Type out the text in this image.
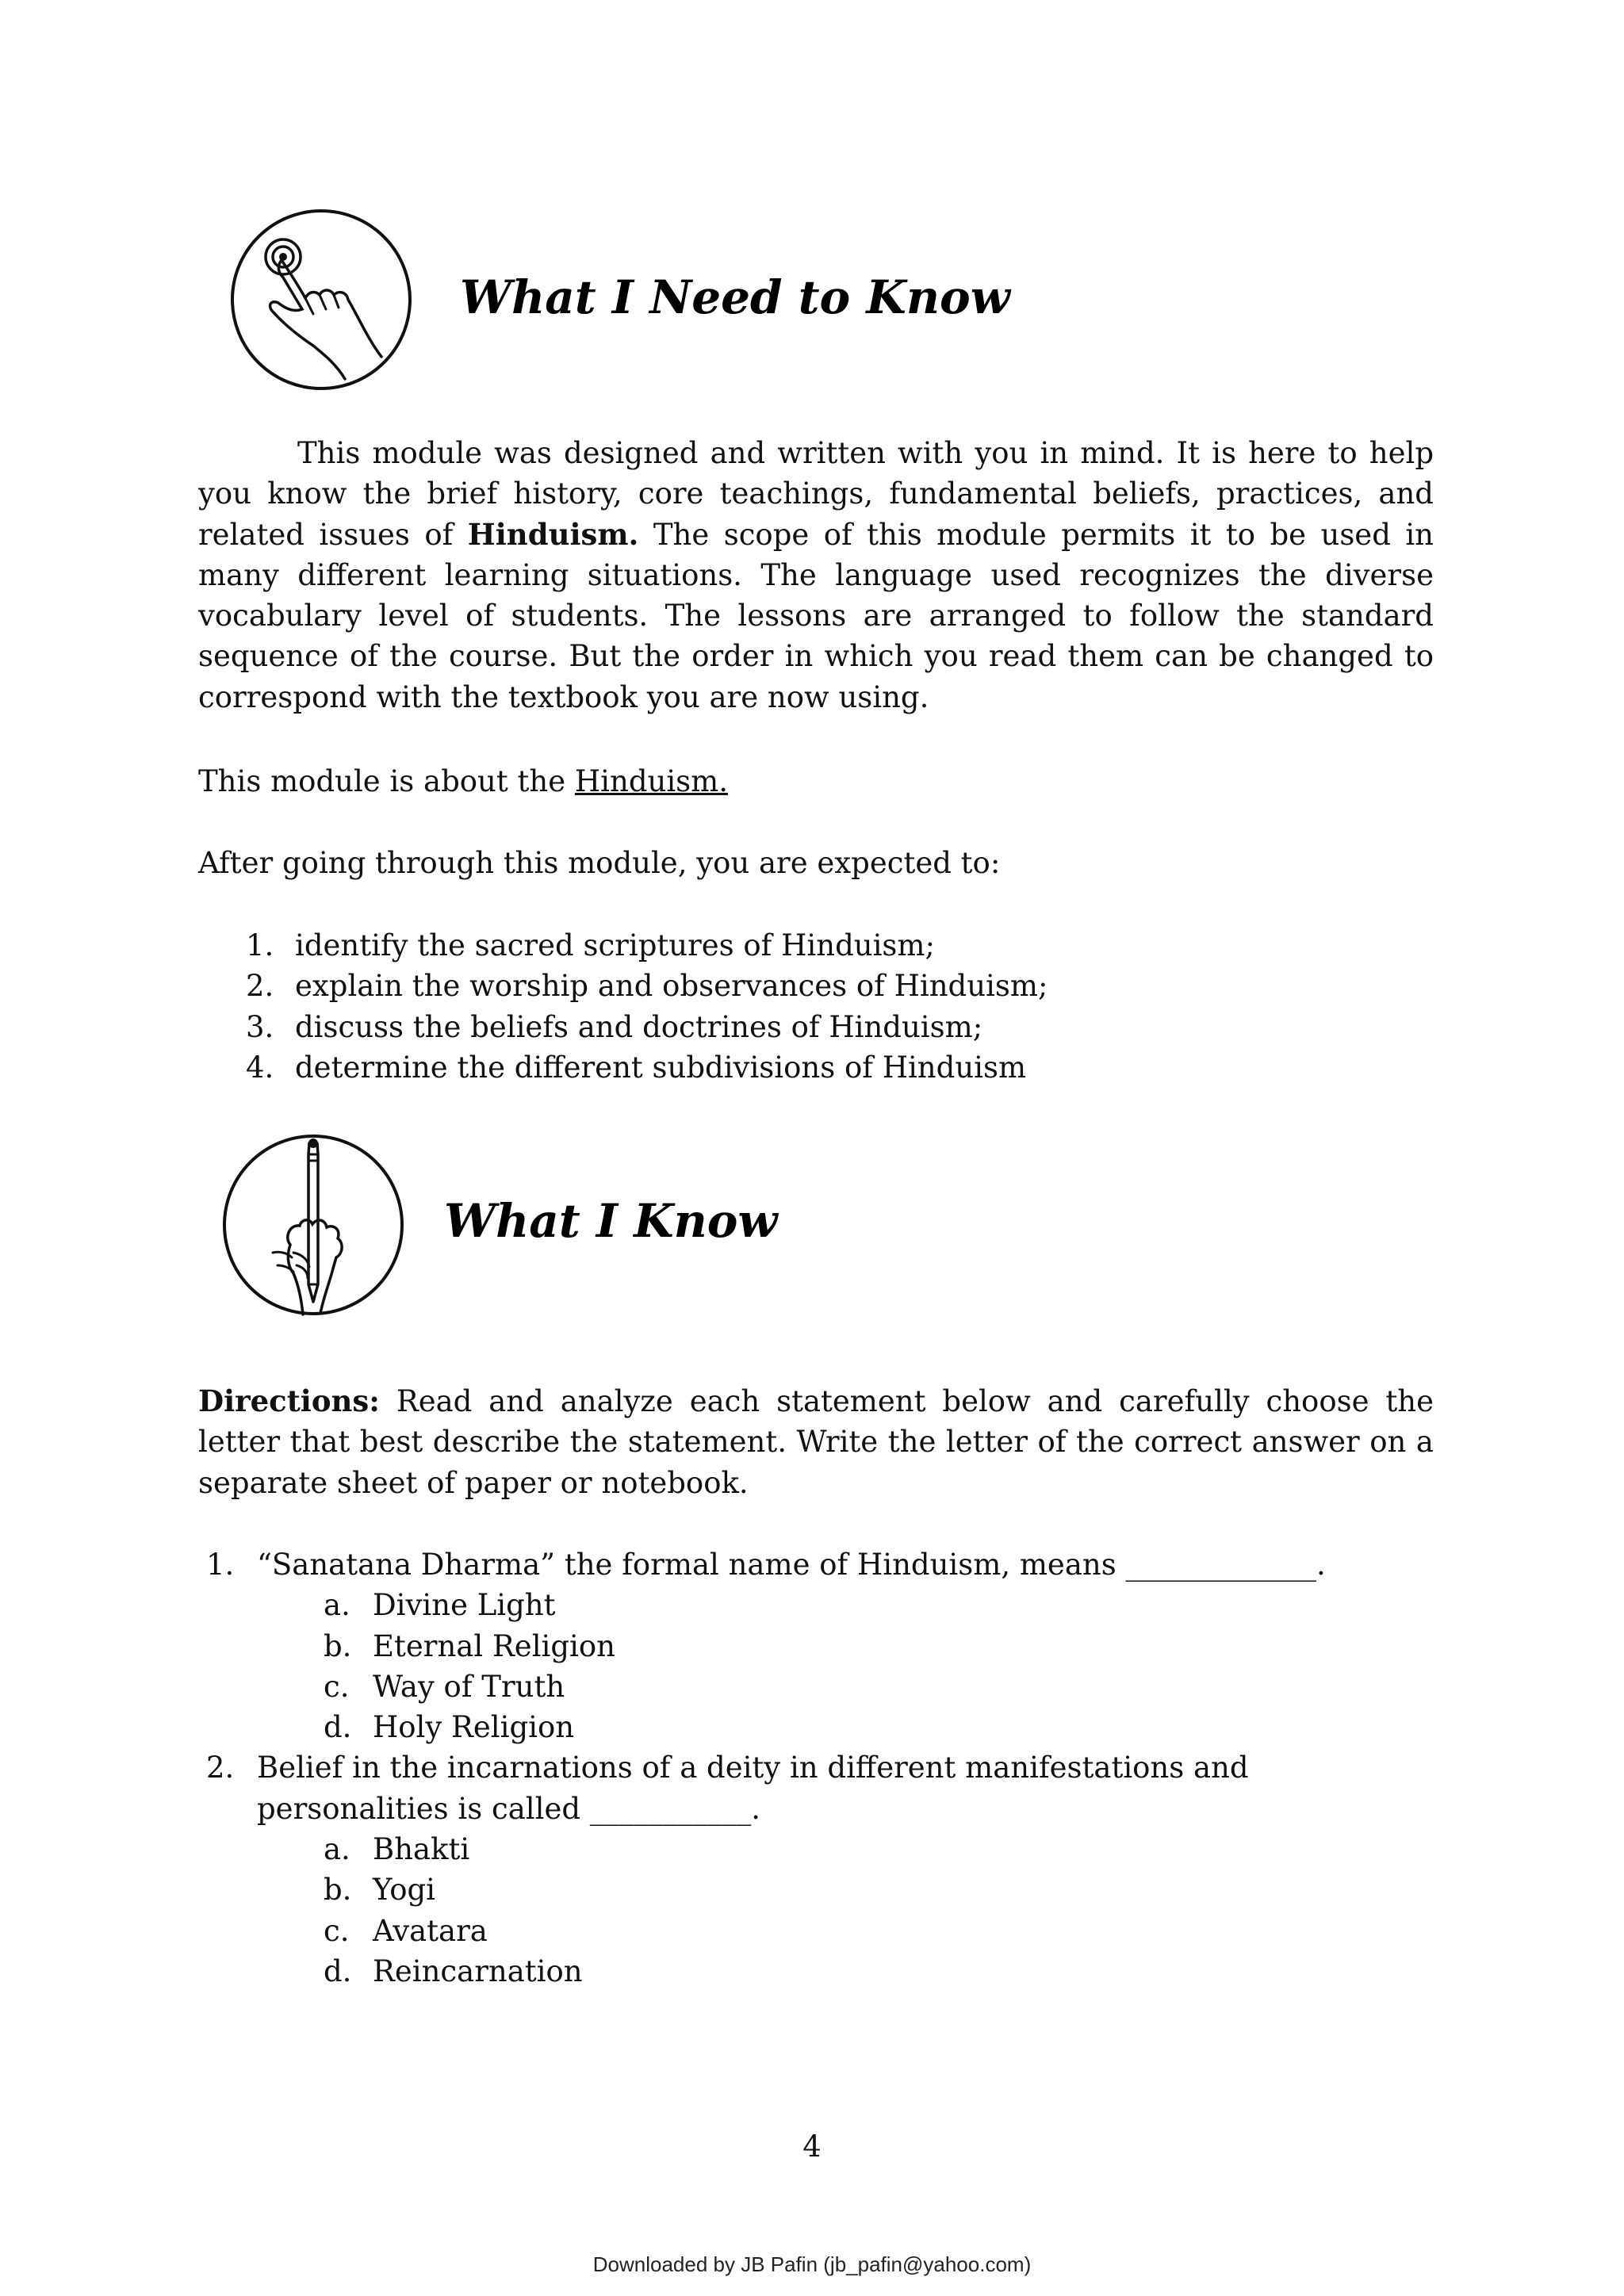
What I Need to Know

This module was designed and written with you in mind. It is here to help you know the brief history, core teachings, fundamental beliefs, practices, and related issues of Hinduism. The scope of this module permits it to be used in many different learning situations. The language used recognizes the diverse vocabulary level of students. The lessons are arranged to follow the standard sequence of the course. But the order in which you read them can be changed to correspond with the textbook you are now using.

This module is about the Hinduism.

After going through this module, you are expected to:

1. identify the sacred scriptures of Hinduism;
2. explain the worship and observances of Hinduism;
3. discuss the beliefs and doctrines of Hinduism;
4. determine the different subdivisions of Hinduism
What I Know

Directions: Read and analyze each statement below and carefully choose the letter that best describe the statement. Write the letter of the correct answer on a separate sheet of paper or notebook.

1. “Sanatana Dharma” the formal name of Hinduism, means _____________.
a. Divine Light
b. Eternal Religion
c. Way of Truth
d. Holy Religion
2. Belief in the incarnations of a deity in different manifestations and personalities is called ___________.
a. Bhakti
b. Yogi
c. Avatara
d. Reincarnation

4

Downloaded by JB Pafin (jb_pafin@yahoo.com)
